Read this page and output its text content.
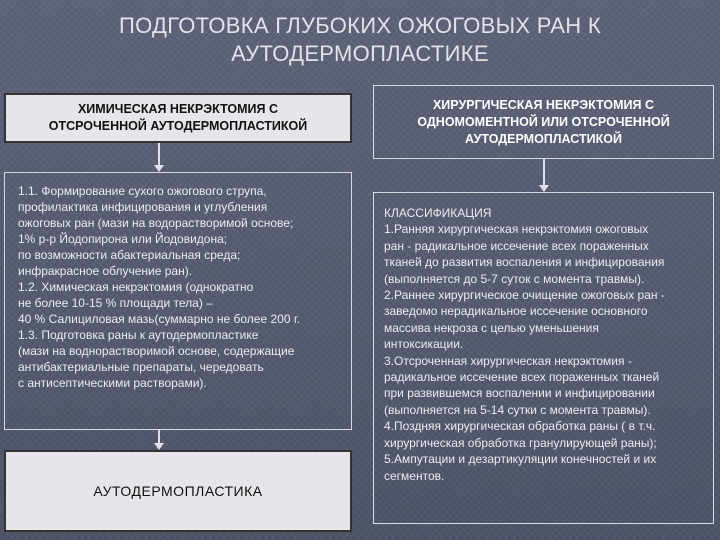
ПОДГОТОВКА ГЛУБОКИХ ОЖОГОВЫХ РАН К
АУТОДЕРМОПЛАСТИКЕ
ХИМИЧЕСКАЯ НЕКРЭКТОМИЯ С
ОТСРОЧЕННОЙ АУТОДЕРМОПЛАСТИКОЙ
ХИРУРГИЧЕСКАЯ НЕКРЭКТОМИЯ С
ОДНОМОМЕНТНОЙ ИЛИ ОТСРОЧЕННОЙ
АУТОДЕРМОПЛАСТИКОЙ
1.1. Формирование сухого ожогового струпа,
профилактика инфицирования и углубления
ожоговых ран (мази на водорастворимой основе;
1% р-р Йодопирона или Йодовидона;
по возможности абактериальная среда;
инфракрасное облучение ран).
1.2. Химическая некрэктомия (однократно
не более 10-15 % площади тела) –
40 % Салициловая мазь(суммарно не более 200 г.
1.3. Подготовка раны к аутодермопластике
(мази на воднорастворимой основе, содержащие
антибактериальные препараты, чередовать
с антисептическими растворами).
АУТОДЕРМОПЛАСТИКА
КЛАССИФИКАЦИЯ
1.Ранняя хирургическая некрэктомия ожоговых
ран - радикальное иссечение всех пораженных
тканей до развития воспаления и инфицирования
(выполняется до 5-7 суток с момента травмы).
2.Раннее хирургическое очищение ожоговых ран -
заведомо нерадикальное иссечение основного
массива некроза с целью уменьшения
интоксикации.
3.Отсроченная хирургическая некрэктомия -
радикальное иссечение всех пораженных тканей
при развившемся воспалении и инфицировании
(выполняется на 5-14 сутки с момента травмы).
4.Поздняя хирургическая обработка раны ( в т.ч.
хирургическая обработка гранулирующей раны);
5.Ампутации и дезартикуляции конечностей и их
сегментов.
